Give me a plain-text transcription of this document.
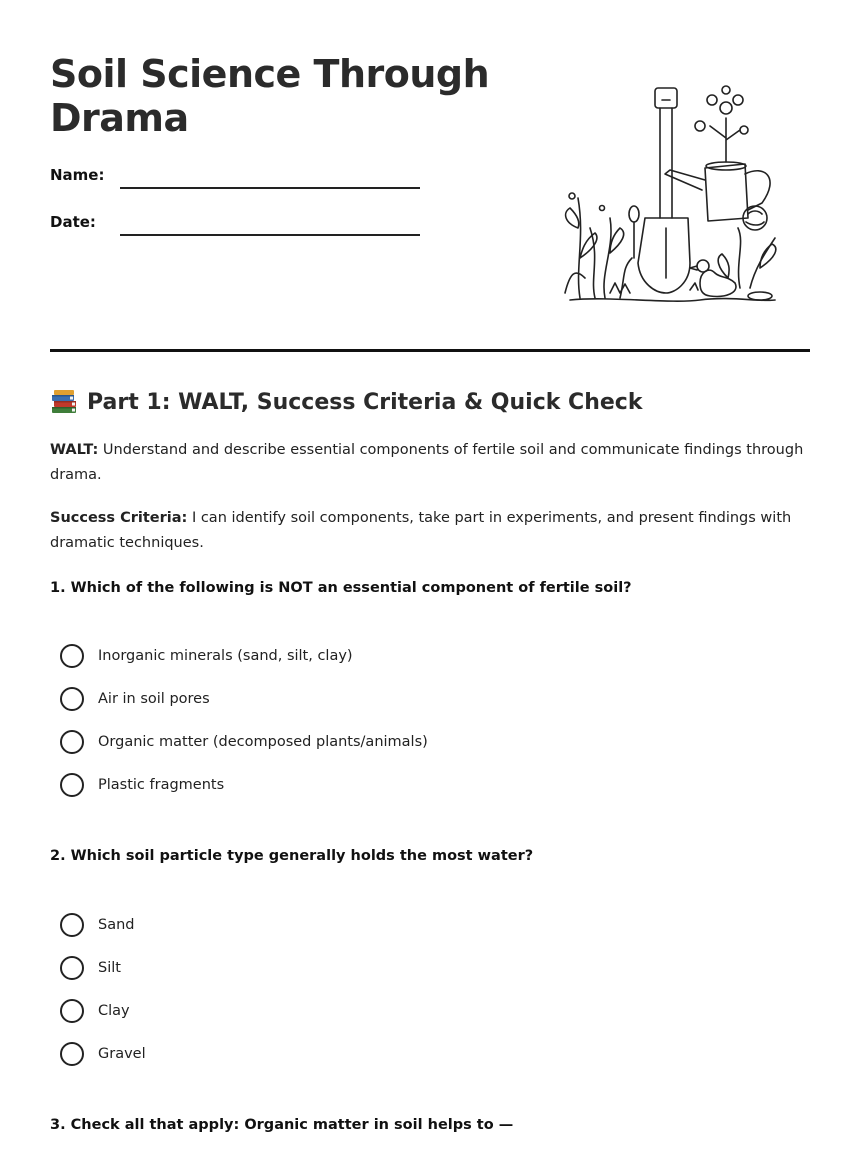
Soil Science Through Drama
Name:
Date:
Part 1: WALT, Success Criteria & Quick Check

WALT: Understand and describe essential components of fertile soil and communicate findings through drama.

Success Criteria: I can identify soil components, take part in experiments, and present findings with dramatic techniques.

1. Which of the following is NOT an essential component of fertile soil?
Inorganic minerals (sand, silt, clay)
Air in soil pores
Organic matter (decomposed plants/animals)
Plastic fragments
2. Which soil particle type generally holds the most water?
Sand
Silt
Clay
Gravel
3. Check all that apply: Organic matter in soil helps to —
